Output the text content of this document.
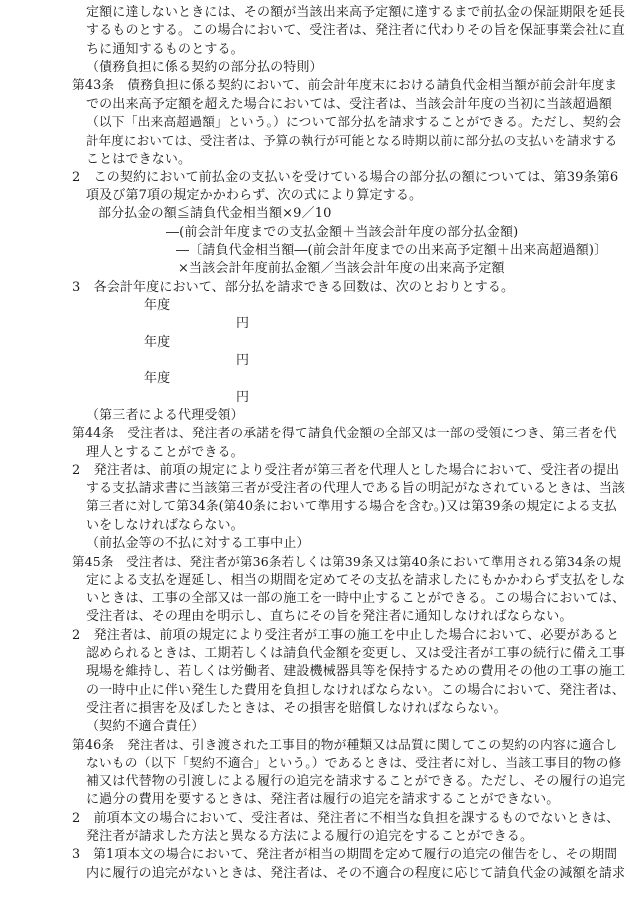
定額に達しないときには、その額が当該出来高予定額に達するまで前払金の保証期限を延長
するものとする。この場合において、受注者は、発注者に代わりその旨を保証事業会社に直
ちに通知するものとする。
（債務負担に係る契約の部分払の特則）
第43条　債務負担に係る契約において、前会計年度末における請負代金相当額が前会計年度ま
での出来高予定額を超えた場合においては、受注者は、当該会計年度の当初に当該超過額
（以下「出来高超過額」という。）について部分払を請求することができる。ただし、契約会
計年度においては、受注者は、予算の執行が可能となる時期以前に部分払の支払いを請求する
ことはできない。
2　この契約において前払金の支払いを受けている場合の部分払の額については、第39条第6
項及び第7項の規定かかわらず、次の式により算定する。
部分払金の額≦請負代金相当額×9／10
―(前会計年度までの支払金額＋当該会計年度の部分払金額)
―〔請負代金相当額―(前会計年度までの出来高予定額＋出来高超過額)〕
×当該会計年度前払金額／当該会計年度の出来高予定額
3　各会計年度において、部分払を請求できる回数は、次のとおりとする。
年度
円
年度
円
年度
円
（第三者による代理受領）
第44条　受注者は、発注者の承諾を得て請負代金額の全部又は一部の受領につき、第三者を代
理人とすることができる。
2　発注者は、前項の規定により受注者が第三者を代理人とした場合において、受注者の提出
する支払請求書に当該第三者が受注者の代理人である旨の明記がなされているときは、当該
第三者に対して第34条(第40条において準用する場合を含む。)又は第39条の規定による支払
いをしなければならない。
（前払金等の不払に対する工事中止）
第45条　受注者は、発注者が第36条若しくは第39条又は第40条において準用される第34条の規
定による支払を遅延し、相当の期間を定めてその支払を請求したにもかかわらず支払をしな
いときは、工事の全部又は一部の施工を一時中止することができる。この場合においては、
受注者は、その理由を明示し、直ちにその旨を発注者に通知しなければならない。
2　発注者は、前項の規定により受注者が工事の施工を中止した場合において、必要があると
認められるときは、工期若しくは請負代金額を変更し、又は受注者が工事の続行に備え工事
現場を維持し、若しくは労働者、建設機械器具等を保持するための費用その他の工事の施工
の一時中止に伴い発生した費用を負担しなければならない。この場合において、発注者は、
受注者に損害を及ぼしたときは、その損害を賠償しなければならない。
（契約不適合責任）
第46条　発注者は、引き渡された工事目的物が種類又は品質に関してこの契約の内容に適合し
ないもの（以下「契約不適合」という。）であるときは、受注者に対し、当該工事目的物の修
補又は代替物の引渡しによる履行の追完を請求することができる。ただし、その履行の追完
に過分の費用を要するときは、発注者は履行の追完を請求することができない。
2　前項本文の場合において、受注者は、発注者に不相当な負担を課するものでないときは、
発注者が請求した方法と異なる方法による履行の追完をすることができる。
3　第1項本文の場合において、発注者が相当の期間を定めて履行の追完の催告をし、その期間
内に履行の追完がないときは、発注者は、その不適合の程度に応じて請負代金の減額を請求
